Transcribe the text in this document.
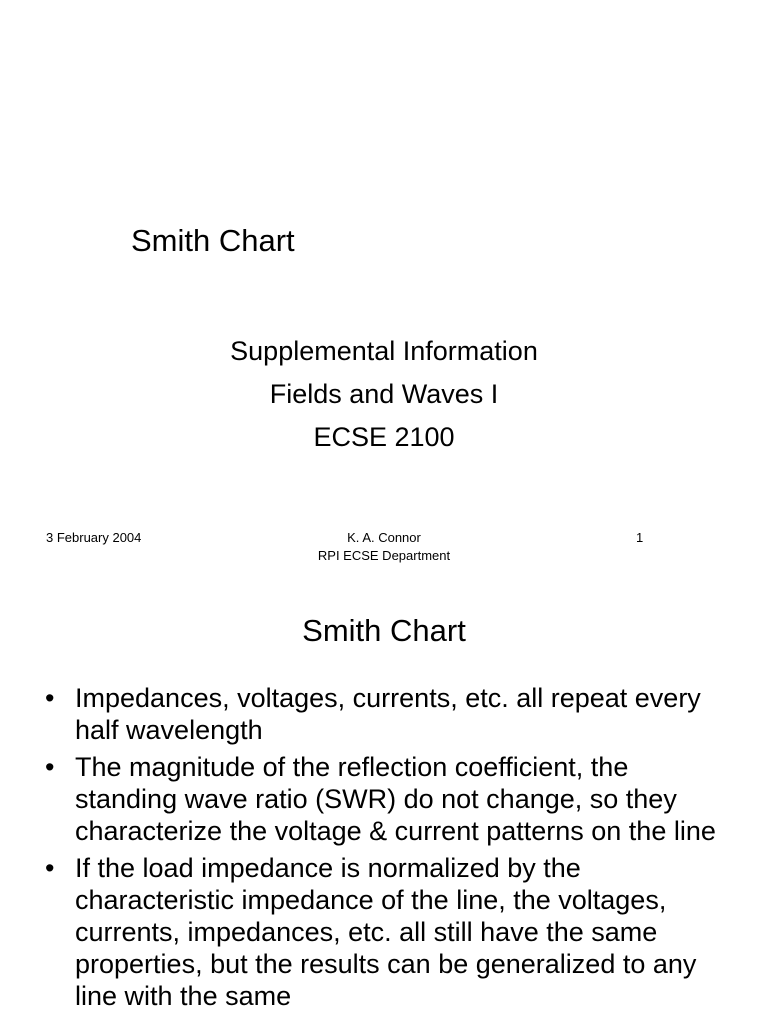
Smith Chart
Supplemental Information
Fields and Waves I
ECSE 2100
3 February 2004	K. A. Connor
RPI ECSE Department
1
Smith Chart
• Impedances, voltages, currents, etc. all repeat every half wavelength
• The magnitude of the reflection coefficient, the standing wave ratio (SWR) do not change, so they characterize the voltage & current patterns on the line
• If the load impedance is normalized by the characteristic impedance of the line, the voltages, currents, impedances, etc. all still have the same properties, but the results can be generalized to any line with the same
